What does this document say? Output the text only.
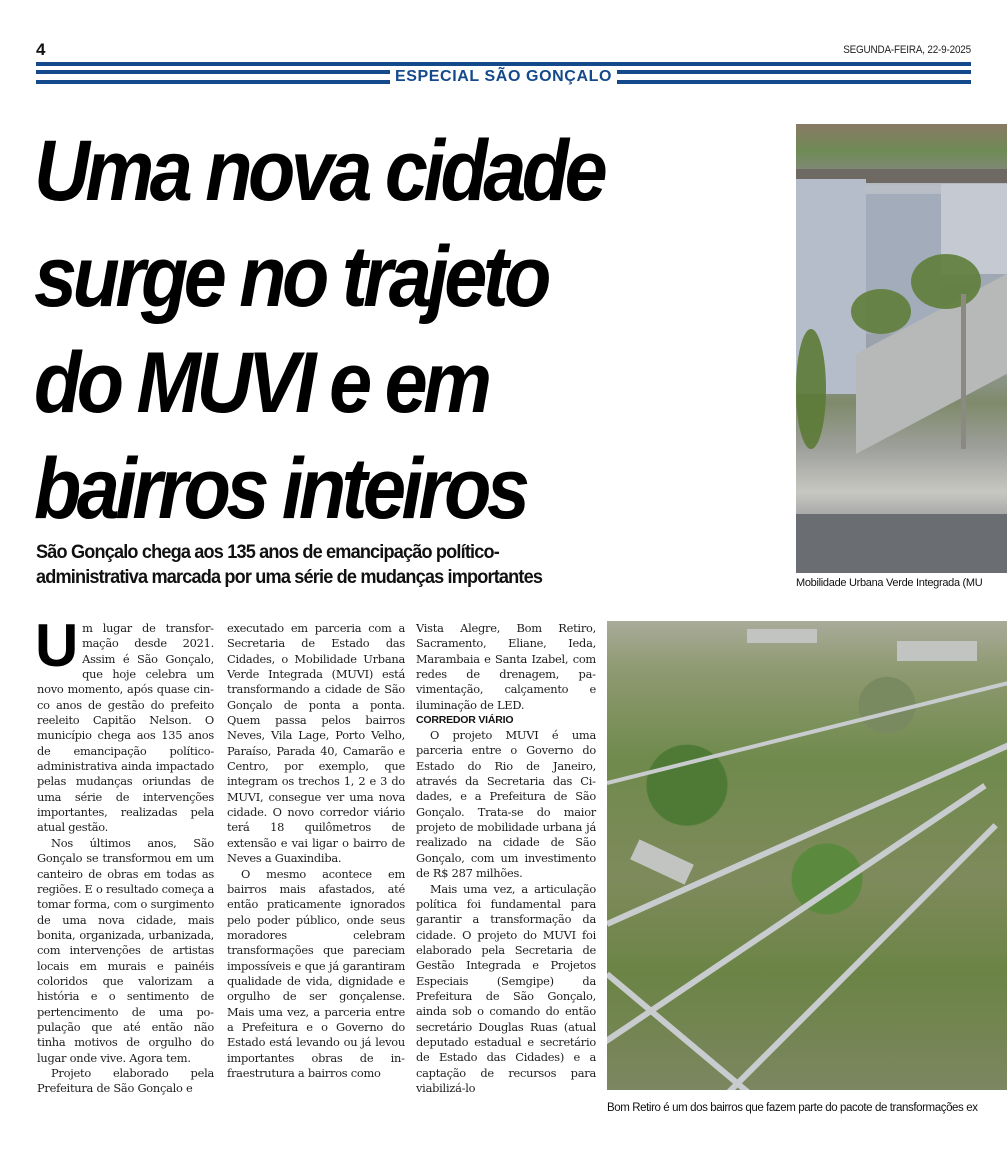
4	SEGUNDA-FEIRA, 22-9-2025
ESPECIAL SÃO GONÇALO
Uma nova cidade
surge no trajeto
do MUVI e em
bairros inteiros
São Gonçalo chega aos 135 anos de emancipação político-
administrativa marcada por uma série de mudanças importantes	Mobilidade Urbana Verde Integrada (MU
Bom Retiro é um dos bairros que fazem parte do pacote de transformações ex

Um lugar de transformação desde 2021. Assim é São Gonçalo, que hoje celebra um novo momento, após quase cinco anos de gestão do prefeito reeleito Capitão Nelson. O município chega aos 135 anos de emancipação político-administrativa ainda impactado pelas mudanças oriundas de uma série de intervenções importantes, realizadas pela atual gestão.

Nos últimos anos, São Gonçalo se transformou em um canteiro de obras em todas as regiões. E o resultado começa a tomar forma, com o surgimento de uma nova cidade, mais bonita, organizada, urbanizada, com intervenções de artistas locais em murais e painéis coloridos que valorizam a história e o sentimento de pertencimento de uma população que até então não tinha motivos de orgulho do lugar onde vive. Agora tem.

Projeto elaborado pela Prefeitura de São Gonçalo e

executado em parceria com a Secretaria de Estado das Cidades, o Mobilidade Urbana Verde Integrada (MUVI) está transformando a cidade de São Gonçalo de ponta a ponta. Quem passa pelos bairros Neves, Vila Lage, Porto Velho, Paraíso, Parada 40, Camarão e Centro, por exemplo, que integram os trechos 1, 2 e 3 do MUVI, consegue ver uma nova cidade. O novo corredor viário terá 18 quilômetros de extensão e vai ligar o bairro de Neves a Guaxindiba.

O mesmo acontece em bairros mais afastados, até então praticamente ignorados pelo poder público, onde seus moradores celebram transformações que pareciam impossíveis e que já garantiram qualidade de vida, dignidade e orgulho de ser gonçalense. Mais uma vez, a parceria entre a Prefeitura e o Governo do Estado está levando ou já levou importantes obras de infraestrutura a bairros como

Vista Alegre, Bom Retiro, Sacramento, Eliane, Ieda, Marambaia e Santa Izabel, com redes de drenagem, pavimentação, calçamento e iluminação de LED.

CORREDOR VIÁRIO

O projeto MUVI é uma parceria entre o Governo do Estado do Rio de Janeiro, através da Secretaria das Cidades, e a Prefeitura de São Gonçalo. Trata-se do maior projeto de mobilidade urbana já realizado na cidade de São Gonçalo, com um investimento de R$ 287 milhões.

Mais uma vez, a articulação política foi fundamental para garantir a transformação da cidade. O projeto do MUVI foi elaborado pela Secretaria de Gestão Integrada e Projetos Especiais (Semgipe) da Prefeitura de São Gonçalo, ainda sob o comando do então secretário Douglas Ruas (atual deputado estadual e secretário de Estado das Cidades) e a captação de recursos para viabilizá-lo
